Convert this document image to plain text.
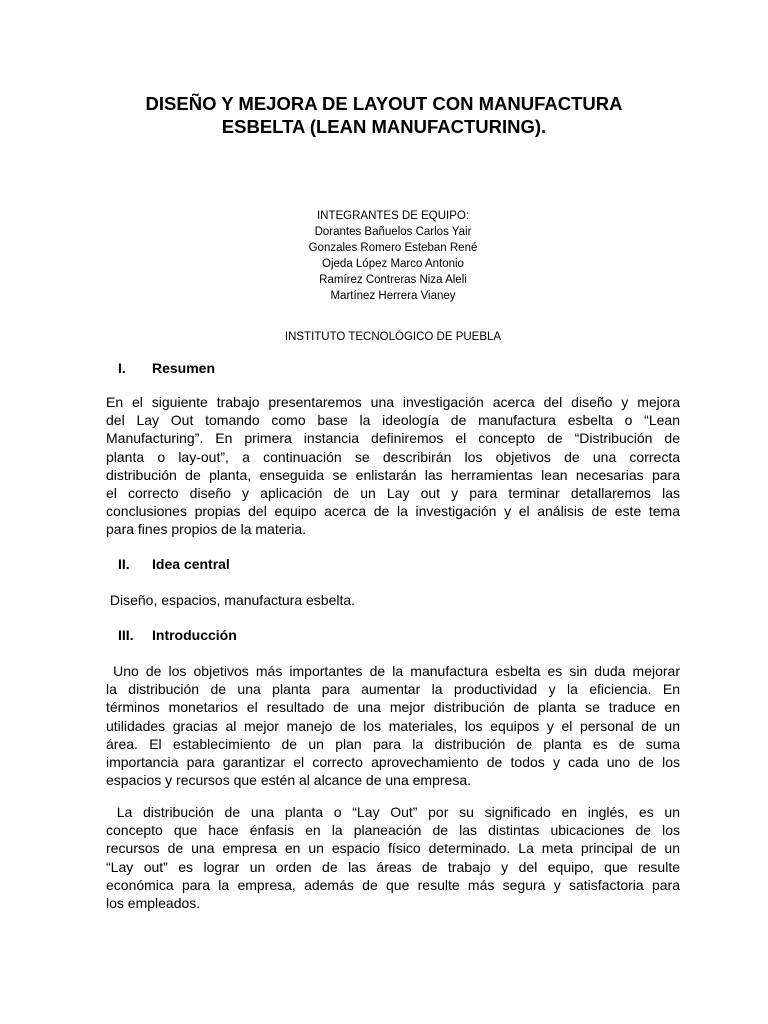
DISEÑO Y MEJORA DE LAYOUT CON MANUFACTURA
ESBELTA (LEAN MANUFACTURING).
INTEGRANTES DE EQUIPO:
Dorantes Bañuelos Carlos Yair
Gonzales Romero Esteban René
Ojeda López Marco Antonio
Ramírez Contreras Niza Aleli
Martínez Herrera Vianey
INSTITUTO TECNOLÓGICO DE PUEBLA
I. Resumen
En el siguiente trabajo presentaremos una investigación acerca del diseño y mejora
del Lay Out tomando como base la ideología de manufactura esbelta o “Lean
Manufacturing”. En primera instancia definiremos el concepto de “Distribución de
planta o lay-out”, a continuación se describirán los objetivos de una correcta
distribución de planta, enseguida se enlistarán las herramientas lean necesarias para
el correcto diseño y aplicación de un Lay out y para terminar detallaremos las
conclusiones propias del equipo acerca de la investigación y el análisis de este tema
para fines propios de la materia.
II. Idea central
Diseño, espacios, manufactura esbelta.
III. Introducción
Uno de los objetivos más importantes de la manufactura esbelta es sin duda mejorar
la distribución de una planta para aumentar la productividad y la eficiencia. En
términos monetarios el resultado de una mejor distribución de planta se traduce en
utilidades gracias al mejor manejo de los materiales, los equipos y el personal de un
área. El establecimiento de un plan para la distribución de planta es de suma
importancia para garantizar el correcto aprovechamiento de todos y cada uno de los
espacios y recursos que estén al alcance de una empresa.
La distribución de una planta o “Lay Out” por su significado en inglés, es un
concepto que hace énfasis en la planeación de las distintas ubicaciones de los
recursos de una empresa en un espacio físico determinado. La meta principal de un
“Lay out” es lograr un orden de las áreas de trabajo y del equipo, que resulte
económica para la empresa, además de que resulte más segura y satisfactoria para
los empleados.
